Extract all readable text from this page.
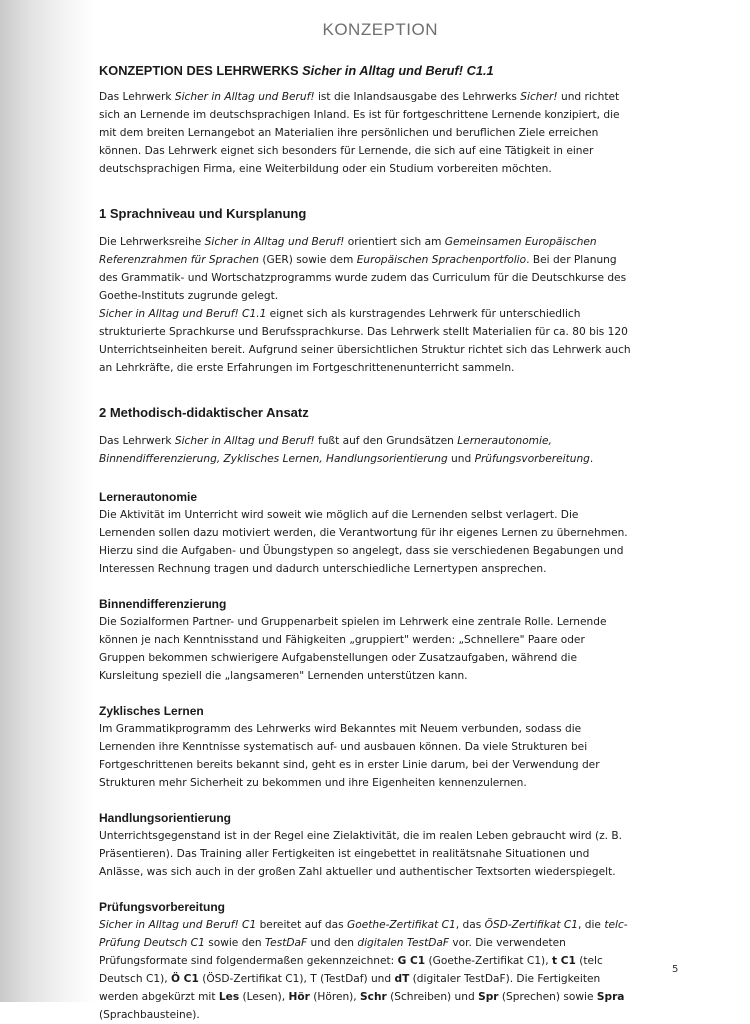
KONZEPTION
KONZEPTION DES LEHRWERKS Sicher in Alltag und Beruf! C1.1

Das Lehrwerk Sicher in Alltag und Beruf! ist die Inlandsausgabe des Lehrwerks Sicher! und richtet sich an Lernende im deutschsprachigen Inland. Es ist für fortgeschrittene Lernende konzipiert, die mit dem breiten Lernangebot an Materialien ihre persönlichen und beruflichen Ziele erreichen können. Das Lehrwerk eignet sich besonders für Lernende, die sich auf eine Tätigkeit in einer deutschsprachigen Firma, eine Weiterbildung oder ein Studium vorbereiten möchten.

1 Sprachniveau und Kursplanung

Die Lehrwerksreihe Sicher in Alltag und Beruf! orientiert sich am Gemeinsamen Europäischen Referenzrahmen für Sprachen (GER) sowie dem Europäischen Sprachenportfolio. Bei der Planung des Grammatik- und Wortschatzprogramms wurde zudem das Curriculum für die Deutschkurse des Goethe-Instituts zugrunde gelegt.
Sicher in Alltag und Beruf! C1.1 eignet sich als kurstragendes Lehrwerk für unterschiedlich strukturierte Sprachkurse und Berufssprachkurse. Das Lehrwerk stellt Materialien für ca. 80 bis 120 Unterrichtseinheiten bereit. Aufgrund seiner übersichtlichen Struktur richtet sich das Lehrwerk auch an Lehrkräfte, die erste Erfahrungen im Fortgeschrittenenunterricht sammeln.

2 Methodisch-didaktischer Ansatz

Das Lehrwerk Sicher in Alltag und Beruf! fußt auf den Grundsätzen Lernerautonomie, Binnendifferenzierung, Zyklisches Lernen, Handlungsorientierung und Prüfungsvorbereitung.

Lernerautonomie

Die Aktivität im Unterricht wird soweit wie möglich auf die Lernenden selbst verlagert. Die Lernenden sollen dazu motiviert werden, die Verantwortung für ihr eigenes Lernen zu übernehmen. Hierzu sind die Aufgaben- und Übungstypen so angelegt, dass sie verschiedenen Begabungen und Interessen Rechnung tragen und dadurch unterschiedliche Lernertypen ansprechen.

Binnendifferenzierung

Die Sozialformen Partner- und Gruppenarbeit spielen im Lehrwerk eine zentrale Rolle. Lernende können je nach Kenntnisstand und Fähigkeiten „gruppiert" werden: „Schnellere" Paare oder Gruppen bekommen schwierigere Aufgabenstellungen oder Zusatzaufgaben, während die Kursleitung speziell die „langsameren" Lernenden unterstützen kann.

Zyklisches Lernen

Im Grammatikprogramm des Lehrwerks wird Bekanntes mit Neuem verbunden, sodass die Lernenden ihre Kenntnisse systematisch auf- und ausbauen können. Da viele Strukturen bei Fortgeschrittenen bereits bekannt sind, geht es in erster Linie darum, bei der Verwendung der Strukturen mehr Sicherheit zu bekommen und ihre Eigenheiten kennenzulernen.

Handlungsorientierung

Unterrichtsgegenstand ist in der Regel eine Zielaktivität, die im realen Leben gebraucht wird (z. B. Präsentieren). Das Training aller Fertigkeiten ist eingebettet in realitätsnahe Situationen und Anlässe, was sich auch in der großen Zahl aktueller und authentischer Textsorten wiederspiegelt.

Prüfungsvorbereitung

Sicher in Alltag und Beruf! C1 bereitet auf das Goethe-Zertifikat C1, das ÖSD-Zertifikat C1, die telc-Prüfung Deutsch C1 sowie den TestDaF und den digitalen TestDaF vor. Die verwendeten Prüfungsformate sind folgendermaßen gekennzeichnet: G C1 (Goethe-Zertifikat C1), t C1 (telc Deutsch C1), Ö C1 (ÖSD-Zertifikat C1), T (TestDaf) und dT (digitaler TestDaF). Die Fertigkeiten werden abgekürzt mit Les (Lesen), Hör (Hören), Schr (Schreiben) und Spr (Sprechen) sowie Spra (Sprachbausteine).

5
